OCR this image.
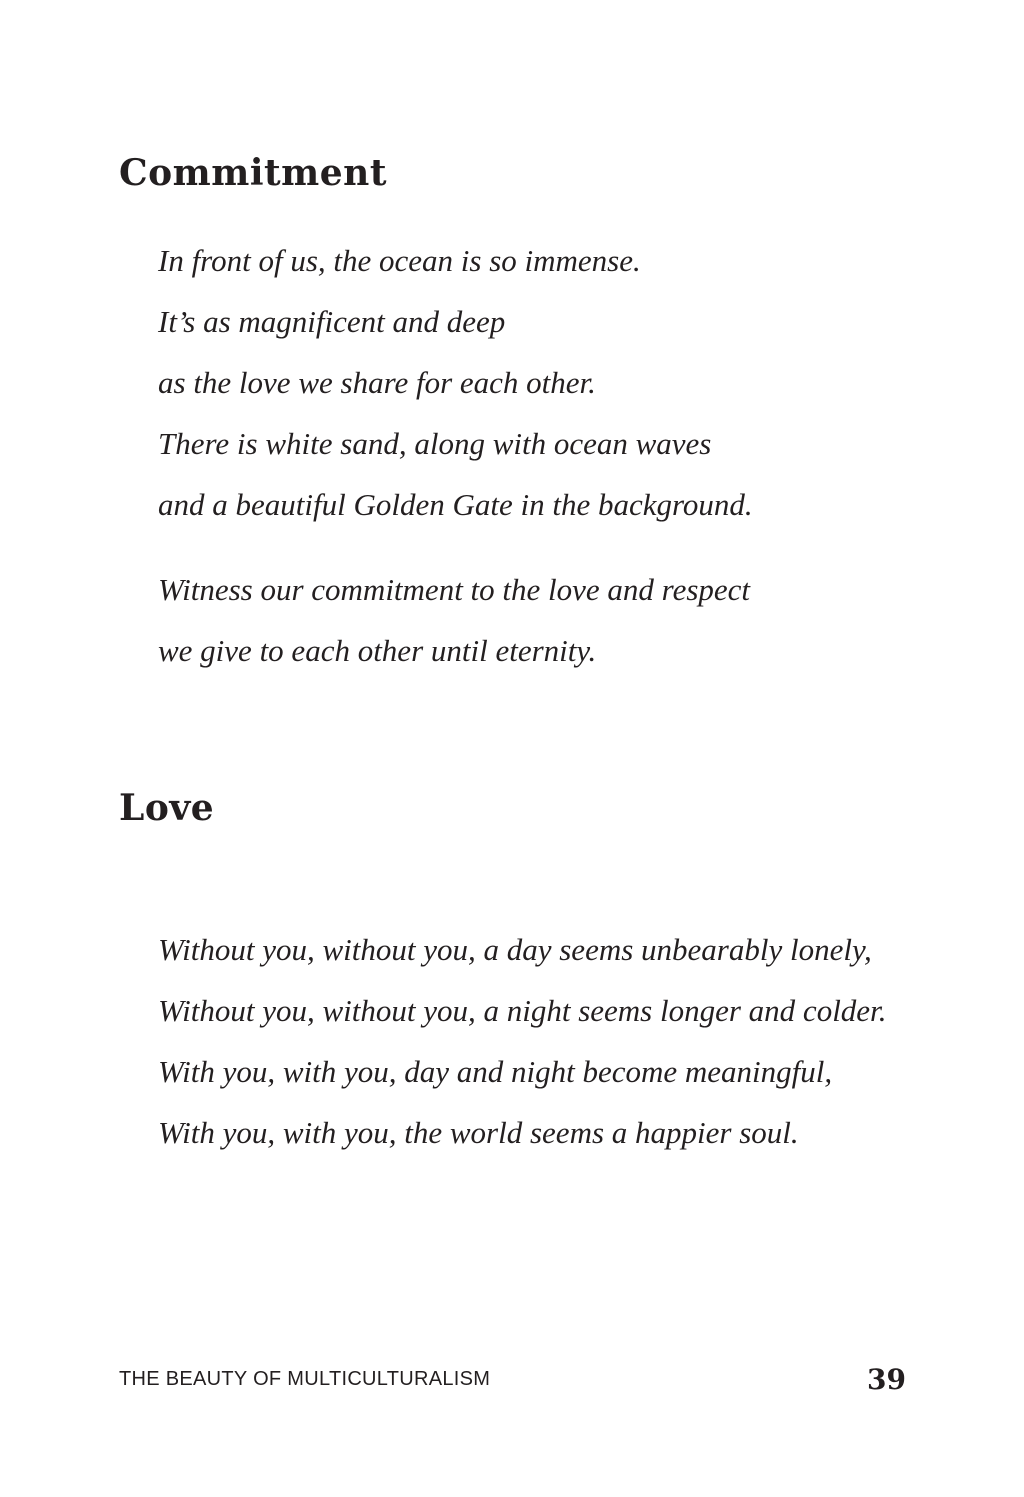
Commitment
In front of us, the ocean is so immense.
It’s as magnificent and deep
as the love we share for each other.
There is white sand, along with ocean waves
and a beautiful Golden Gate in the background.
Witness our commitment to the love and respect
we give to each other until eternity.
Love
Without you, without you, a day seems unbearably lonely,
Without you, without you, a night seems longer and colder.
With you, with you, day and night become meaningful,
With you, with you, the world seems a happier soul.

THE BEAUTY OF MULTICULTURALISM	39
